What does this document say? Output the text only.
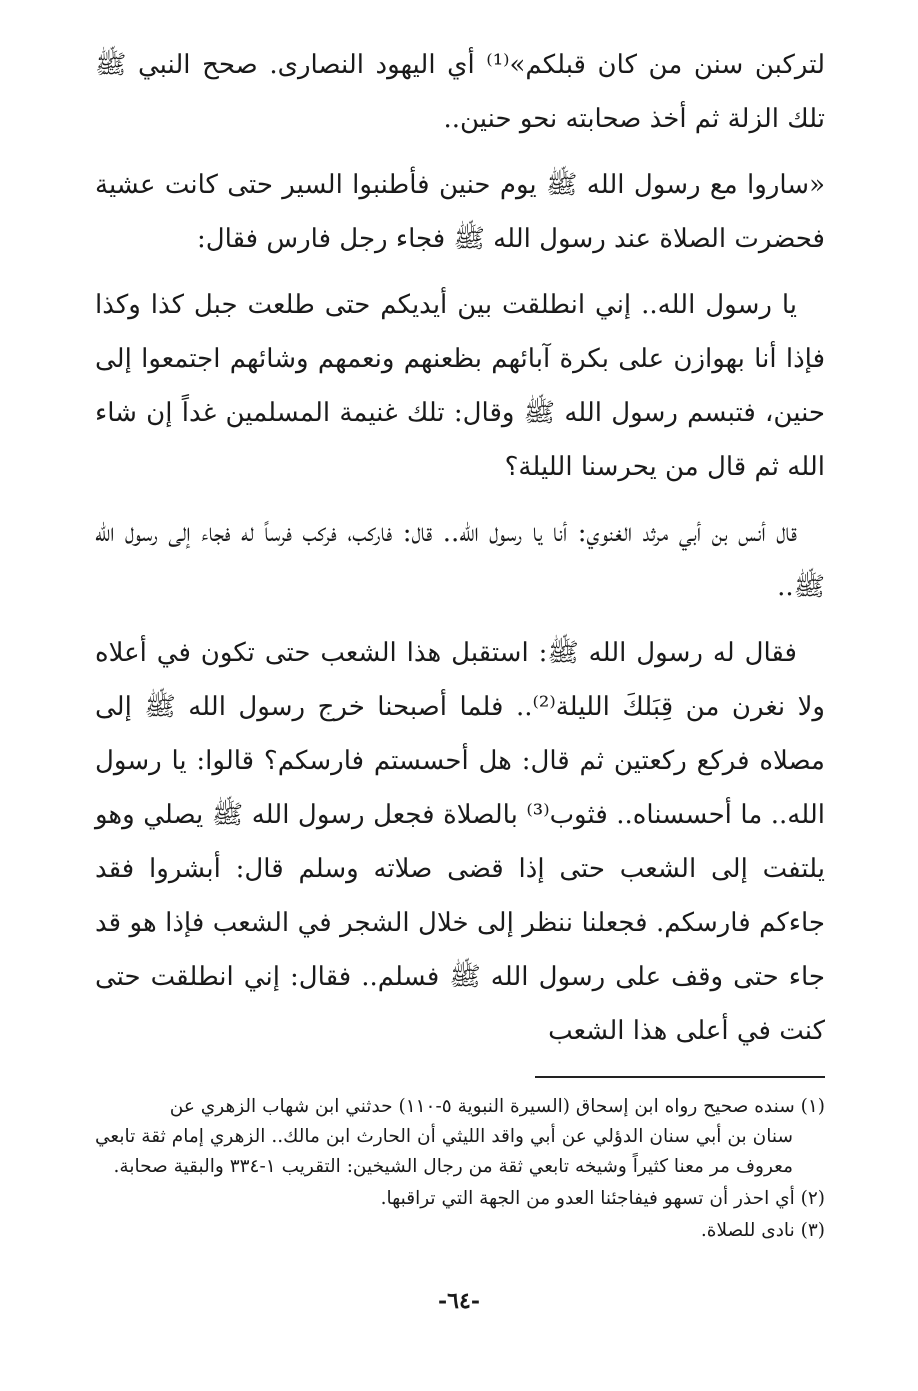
لتركبن سنن من كان قبلكم»⁽¹⁾ أي اليهود النصارى. صحح النبي ﷺ تلك الزلة ثم أخذ صحابته نحو حنين..

«ساروا مع رسول الله ﷺ يوم حنين فأطنبوا السير حتى كانت عشية فحضرت الصلاة عند رسول الله ﷺ فجاء رجل فارس فقال:

يا رسول الله.. إني انطلقت بين أيديكم حتى طلعت جبل كذا وكذا فإذا أنا بهوازن على بكرة آبائهم بظعنهم ونعمهم وشائهم اجتمعوا إلى حنين، فتبسم رسول الله ﷺ وقال: تلك غنيمة المسلمين غداً إن شاء الله ثم قال من يحرسنا الليلة؟

قال أنس بن أبي مرثد الغنوي: أنا يا رسول الله.. قال: فاركب، فركب فرساً له فجاء إلى رسول الله ﷺ..

فقال له رسول الله ﷺ: استقبل هذا الشعب حتى تكون في أعلاه ولا نغرن من قِبَلكَ الليلة⁽²⁾.. فلما أصبحنا خرج رسول الله ﷺ إلى مصلاه فركع ركعتين ثم قال: هل أحسستم فارسكم؟ قالوا: يا رسول الله.. ما أحسسناه.. فثوب⁽³⁾ بالصلاة فجعل رسول الله ﷺ يصلي وهو يلتفت إلى الشعب حتى إذا قضى صلاته وسلم قال: أبشروا فقد جاءكم فارسكم. فجعلنا ننظر إلى خلال الشجر في الشعب فإذا هو قد جاء حتى وقف على رسول الله ﷺ فسلم.. فقال: إني انطلقت حتى كنت في أعلى هذا الشعب

(١) سنده صحيح رواه ابن إسحاق (السيرة النبوية ٥-١١٠) حدثني ابن شهاب الزهري عن
سنان بن أبي سنان الدؤلي عن أبي واقد الليثي أن الحارث ابن مالك.. الزهري إمام ثقة تابعي معروف مر معنا كثيراً وشيخه تابعي ثقة من رجال الشيخين: التقريب ١-٣٣٤ والبقية صحابة.
(٢) أي احذر أن تسهو فيفاجئنا العدو من الجهة التي تراقبها.
(٣) نادى للصلاة.
-٦٤-
